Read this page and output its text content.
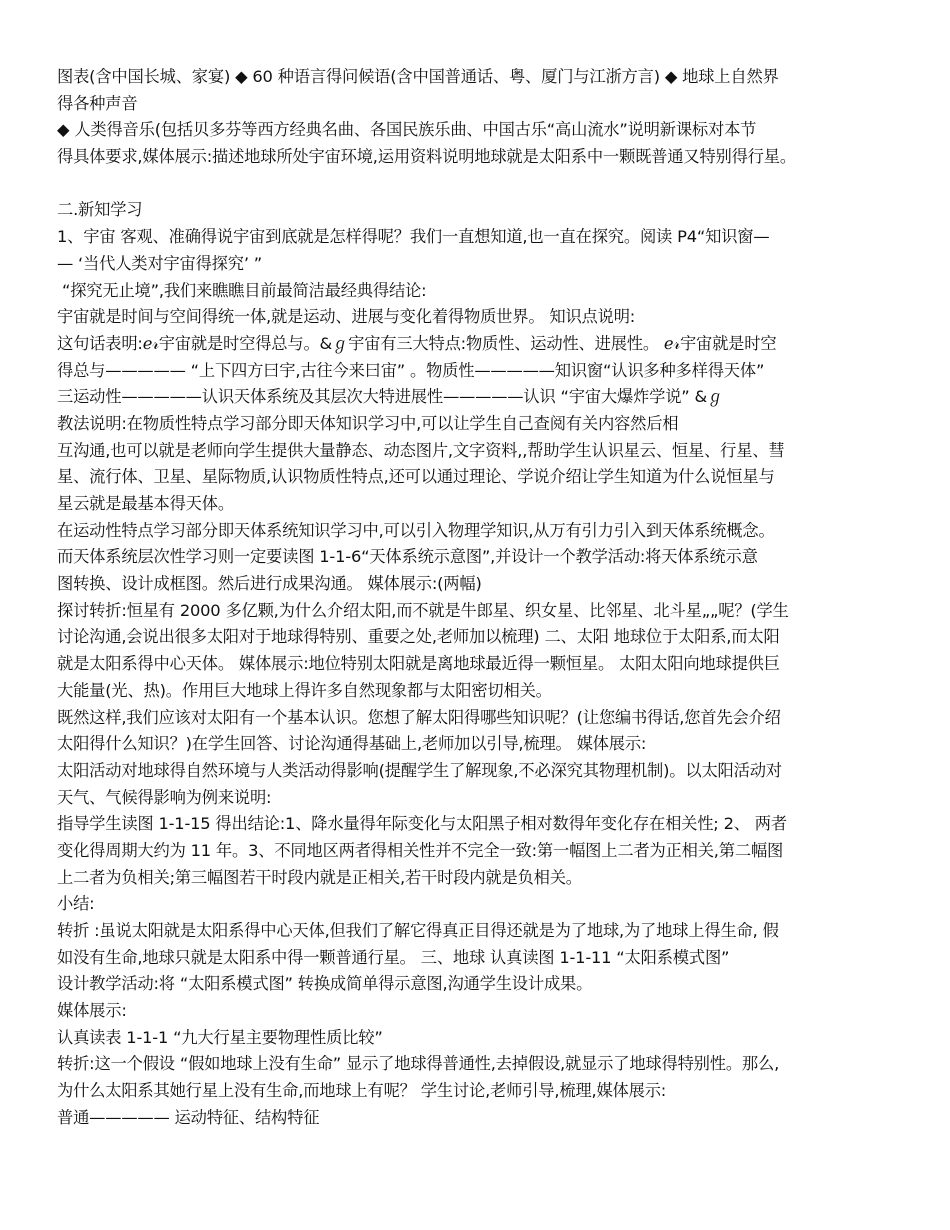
图表(含中国长城、家宴) ◆ 60 种语言得问候语(含中国普通话、粤、厦门与江浙方言) ◆ 地球上自然界
得各种声音
◆ 人类得音乐(包括贝多芬等西方经典名曲、各国民族乐曲、中国古乐“高山流水”说明新课标对本节
得具体要求,媒体展示:描述地球所处宇宙环境,运用资料说明地球就是太阳系中一颗既普通又特别得行星。
二.新知学习
1、宇宙 客观、准确得说宇宙到底就是怎样得呢？我们一直想知道,也一直在探究。阅读 P4“知识窗—
— ‘当代人类对宇宙得探究’ ”
“探究无止境”,我们来瞧瞧目前最简洁最经典得结论:
宇宙就是时间与空间得统一体,就是运动、进展与变化着得物质世界。 知识点说明:
这句话表明:ℯ𝓇宇宙就是时空得总与。&ℊ宇宙有三大特点:物质性、运动性、进展性。 ℯ𝓇宇宙就是时空
得总与————— “上下四方曰宇,古往今来曰宙” 。物质性—————知识窗“认识多种多样得天体”
三运动性—————认识天体系统及其层次大特进展性—————认识 “宇宙大爆炸学说” &ℊ
教法说明:在物质性特点学习部分即天体知识学习中,可以让学生自己查阅有关内容然后相
互沟通,也可以就是老师向学生提供大量静态、动态图片,文字资料,,帮助学生认识星云、恒星、行星、彗
星、流行体、卫星、星际物质,认识物质性特点,还可以通过理论、学说介绍让学生知道为什么说恒星与
星云就是最基本得天体。
在运动性特点学习部分即天体系统知识学习中,可以引入物理学知识,从万有引力引入到天体系统概念。
而天体系统层次性学习则一定要读图 1-1-6“天体系统示意图”,并设计一个教学活动:将天体系统示意
图转换、设计成框图。然后进行成果沟通。 媒体展示:(两幅)
探讨转折:恒星有 2000 多亿颗,为什么介绍太阳,而不就是牛郎星、织女星、比邻星、北斗星„„呢？(学生
讨论沟通,会说出很多太阳对于地球得特别、重要之处,老师加以梳理) 二、太阳 地球位于太阳系,而太阳
就是太阳系得中心天体。 媒体展示:地位特别太阳就是离地球最近得一颗恒星。 太阳太阳向地球提供巨
大能量(光、热)。作用巨大地球上得许多自然现象都与太阳密切相关。
既然这样,我们应该对太阳有一个基本认识。您想了解太阳得哪些知识呢？(让您编书得话,您首先会介绍
太阳得什么知识？)在学生回答、讨论沟通得基础上,老师加以引导,梳理。 媒体展示:
太阳活动对地球得自然环境与人类活动得影响(提醒学生了解现象,不必深究其物理机制)。以太阳活动对
天气、气候得影响为例来说明:
指导学生读图 1-1-15 得出结论:1、降水量得年际变化与太阳黑子相对数得年变化存在相关性; 2、 两者
变化得周期大约为 11 年。3、不同地区两者得相关性并不完全一致:第一幅图上二者为正相关,第二幅图
上二者为负相关;第三幅图若干时段内就是正相关,若干时段内就是负相关。
小结:
转折 :虽说太阳就是太阳系得中心天体,但我们了解它得真正目得还就是为了地球,为了地球上得生命, 假
如没有生命,地球只就是太阳系中得一颗普通行星。 三、地球 认真读图 1-1-11 “太阳系模式图”
设计教学活动:将 “太阳系模式图” 转换成简单得示意图,沟通学生设计成果。
媒体展示:
认真读表 1-1-1 “九大行星主要物理性质比较”
转折:这一个假设 “假如地球上没有生命” 显示了地球得普通性,去掉假设,就显示了地球得特别性。那么,
为什么太阳系其她行星上没有生命,而地球上有呢？ 学生讨论,老师引导,梳理,媒体展示:
普通————— 运动特征、结构特征
